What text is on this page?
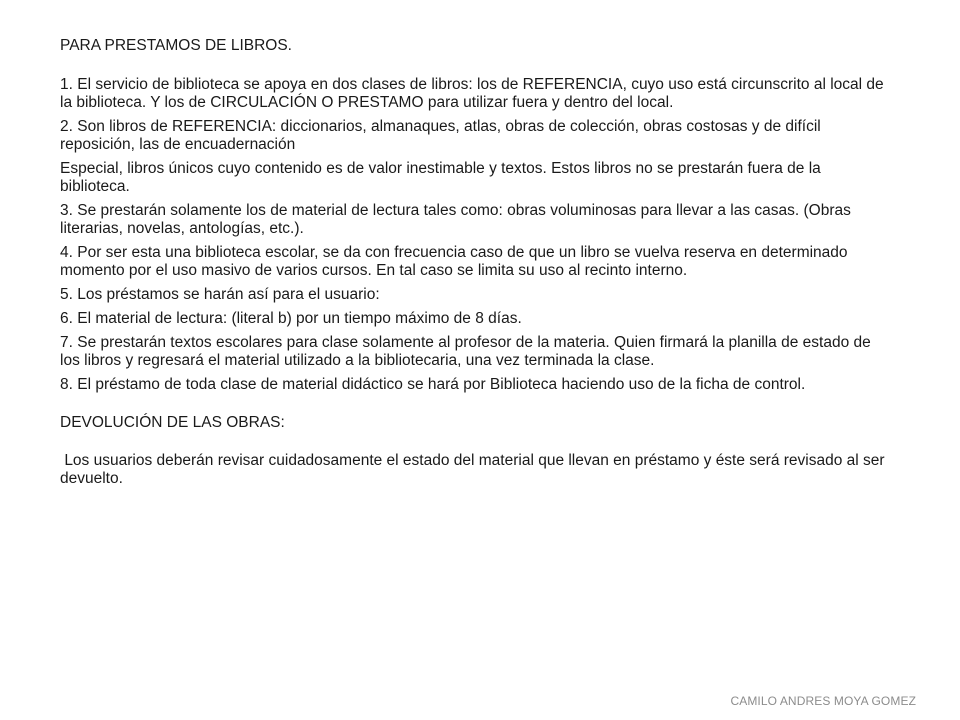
PARA PRESTAMOS DE LIBROS.

1. El servicio de biblioteca se apoya en dos clases de libros: los de REFERENCIA, cuyo uso está circunscrito al local de la biblioteca. Y los de CIRCULACIÓN O PRESTAMO para utilizar fuera y dentro del local.

2. Son libros de REFERENCIA: diccionarios, almanaques, atlas, obras de colección, obras costosas y de difícil reposición, las de encuadernación

Especial, libros únicos cuyo contenido es de valor inestimable y textos. Estos libros no se prestarán fuera de la biblioteca.

3. Se prestarán solamente los de material de lectura tales como: obras voluminosas para llevar a las casas. (Obras literarias, novelas, antologías, etc.).

4. Por ser esta una biblioteca escolar, se da con frecuencia caso de que un libro se vuelva reserva en determinado momento por el uso masivo de varios cursos. En tal caso se limita su uso al recinto interno.

5. Los préstamos se harán así para el usuario:

6. El material de lectura: (literal b) por un tiempo máximo de 8 días.

7. Se prestarán textos escolares para clase solamente al profesor de la materia. Quien firmará la planilla de estado de los libros y regresará el material utilizado a la bibliotecaria, una vez terminada la clase.

8. El préstamo de toda clase de material didáctico se hará por Biblioteca haciendo uso de la ficha de control.

DEVOLUCIÓN DE LAS OBRAS:

Los usuarios deberán revisar cuidadosamente el estado del material que llevan en préstamo y éste será revisado al ser devuelto.

CAMILO ANDRES MOYA GOMEZ
